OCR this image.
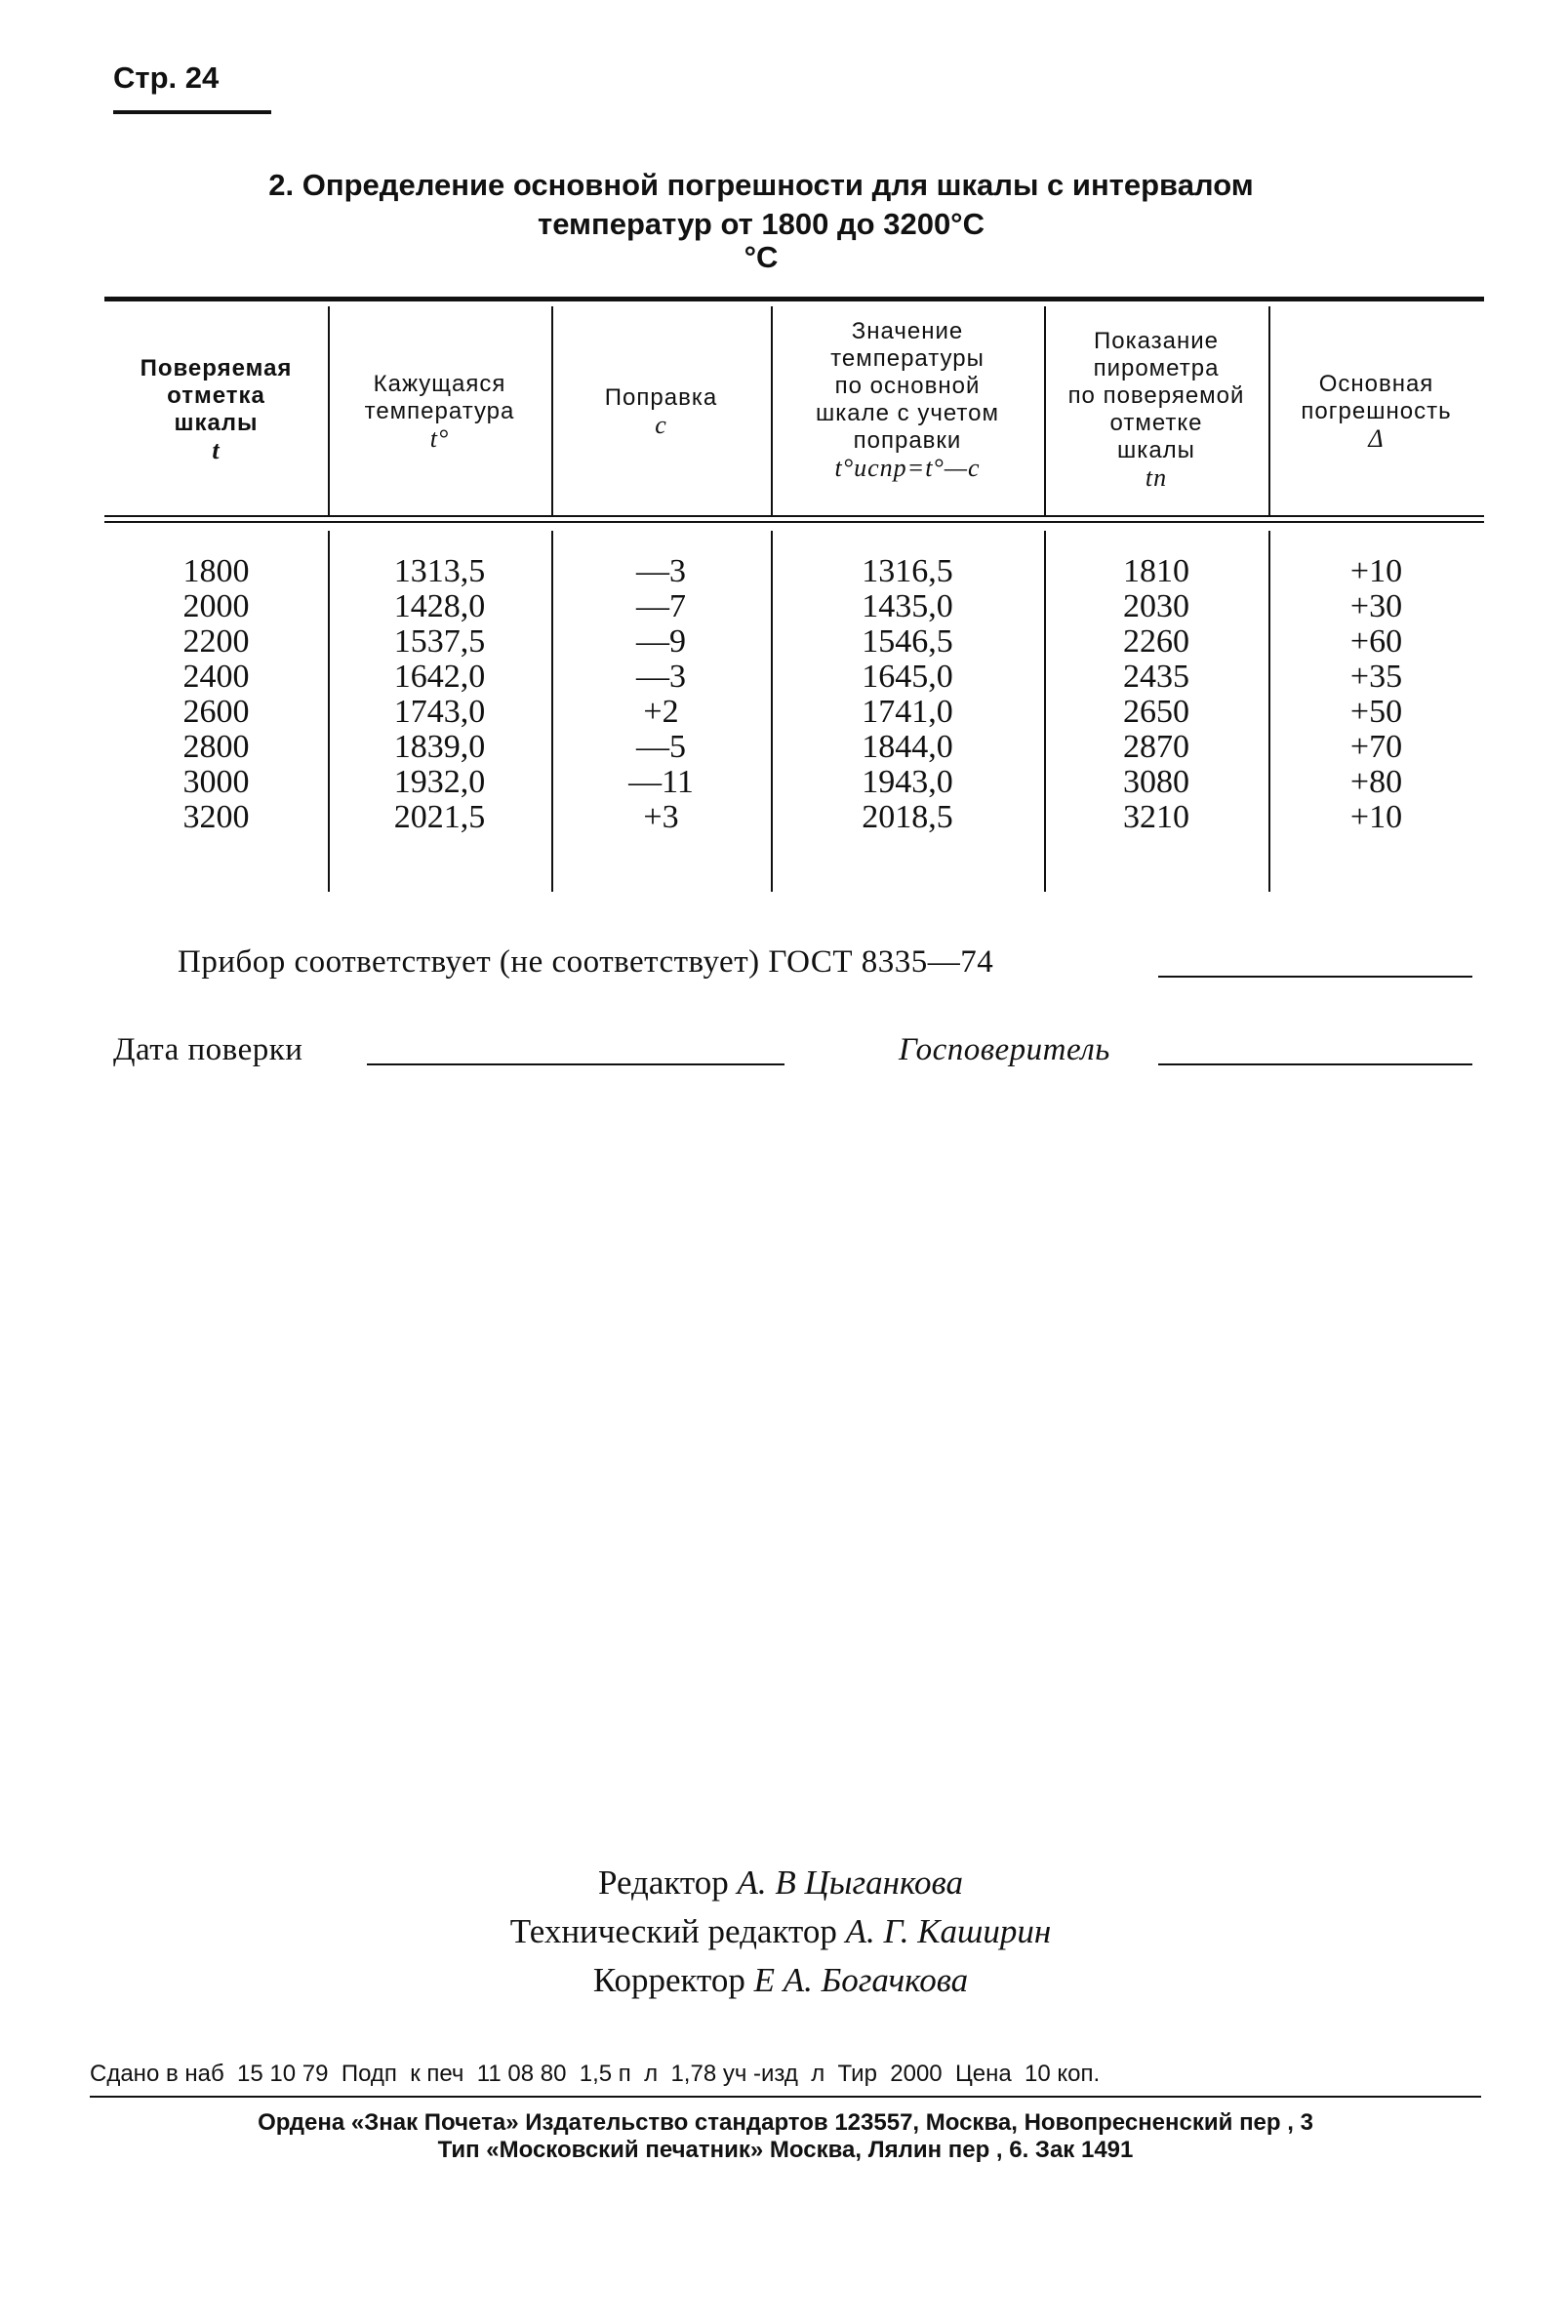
Стр. 24
2. Определение основной погрешности для шкалы с интервалом
температур от 1800 до 3200°C
°C
Поверяемая
отметка
шкалы
t
Кажущаяся
температура
t°
Поправка
c
Значение
температуры
по основной
шкале с учетом
поправки
t°испр=t°—c
Показание
пирометра
по поверяемой
отметке
шкалы
tп
Основная
погрешность
Δ
1800
2000
2200
2400
2600
2800
3000
3200
1313,5
1428,0
1537,5
1642,0
1743,0
1839,0
1932,0
2021,5
—3
—7
—9
—3
+2
—5
—11
+3
1316,5
1435,0
1546,5
1645,0
1741,0
1844,0
1943,0
2018,5
1810
2030
2260
2435
2650
2870
3080
3210
+10
+30
+60
+35
+50
+70
+80
+10
Прибор соответствует (не соответствует) ГОСТ 8335—74
Дата поверки	Госповеритель
Редактор А. В Цыганкова
Технический редактор А. Г. Каширин
Корректор Е А. Богачкова
Сдано в наб  15 10 79  Подп  к печ  11 08 80  1,5 п  л  1,78 уч -изд  л  Тир  2000  Цена  10 коп.
Ордена «Знак Почета» Издательство стандартов 123557, Москва, Новопресненский пер , 3
Тип «Московский печатник» Москва, Лялин пер , 6. Зак 1491
